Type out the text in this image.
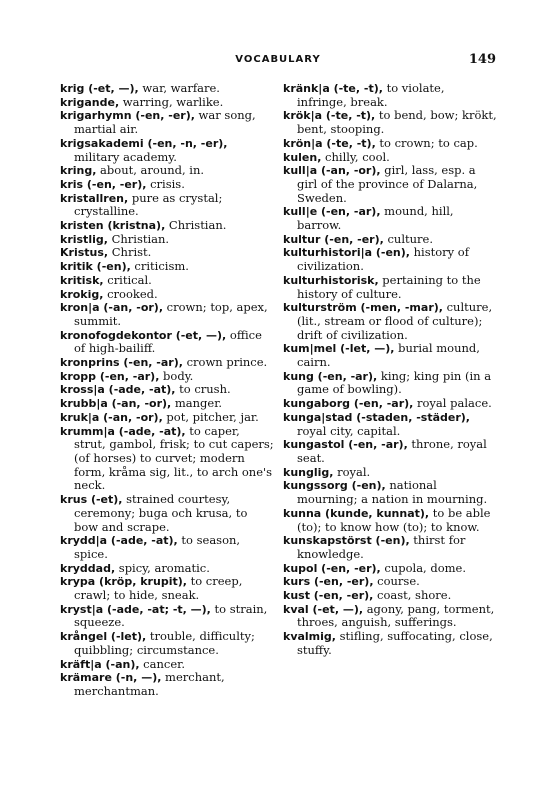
VOCABULARY	149

krig (-et, —), war, warfare.

krigande, warring, warlike.

krigarhymn (-en, -er), war song, martial air.

krigsakademi (-en, -n, -er), military academy.

kring, about, around, in.

kris (-en, -er), crisis.

kristallren, pure as crystal; crystalline.

kristen (kristna), Christian.

kristlig, Christian.

Kristus, Christ.

kritik (-en), criticism.

kritisk, critical.

krokig, crooked.

kron|a (-an, -or), crown; top, apex, summit.

kronofogdekontor (-et, —), office of high-bailiff.

kronprins (-en, -ar), crown prince.

kropp (-en, -ar), body.

kross|a (-ade, -at), to crush.

krubb|a (-an, -or), manger.

kruk|a (-an, -or), pot, pitcher, jar.

krumm|a (-ade, -at), to caper, strut, gambol, frisk; to cut capers; (of horses) to curvet; modern form, kråma sig, lit., to arch one's neck.

krus (-et), strained courtesy, ceremony; buga och krusa, to bow and scrape.

krydd|a (-ade, -at), to season, spice.

kryddad, spicy, aromatic.

krypa (kröp, krupit), to creep, crawl; to hide, sneak.

kryst|a (-ade, -at; -t, —), to strain, squeeze.

krångel (-let), trouble, difficulty; quibbling; circumstance.

kräft|a (-an), cancer.

krämare (-n, —), merchant, merchantman.

kränk|a (-te, -t), to violate, infringe, break.

krök|a (-te, -t), to bend, bow; krökt, bent, stooping.

krön|a (-te, -t), to crown; to cap.

kulen, chilly, cool.

kull|a (-an, -or), girl, lass, esp. a girl of the province of Dalarna, Sweden.

kull|e (-en, -ar), mound, hill, barrow.

kultur (-en, -er), culture.

kulturhistori|a (-en), history of civilization.

kulturhistorisk, pertaining to the history of culture.

kulturström (-men, -mar), culture, (lit., stream or flood of culture); drift of civilization.

kum|mel (-let, —), burial mound, cairn.

kung (-en, -ar), king; king pin (in a game of bowling).

kungaborg (-en, -ar), royal palace.

kunga|stad (-staden, -städer), royal city, capital.

kungastol (-en, -ar), throne, royal seat.

kunglig, royal.

kungssorg (-en), national mourning; a nation in mourning.

kunna (kunde, kunnat), to be able (to); to know how (to); to know.

kunskapstörst (-en), thirst for knowledge.

kupol (-en, -er), cupola, dome.

kurs (-en, -er), course.

kust (-en, -er), coast, shore.

kval (-et, —), agony, pang, torment, throes, anguish, sufferings.

kvalmig, stifling, suffocating, close, stuffy.
